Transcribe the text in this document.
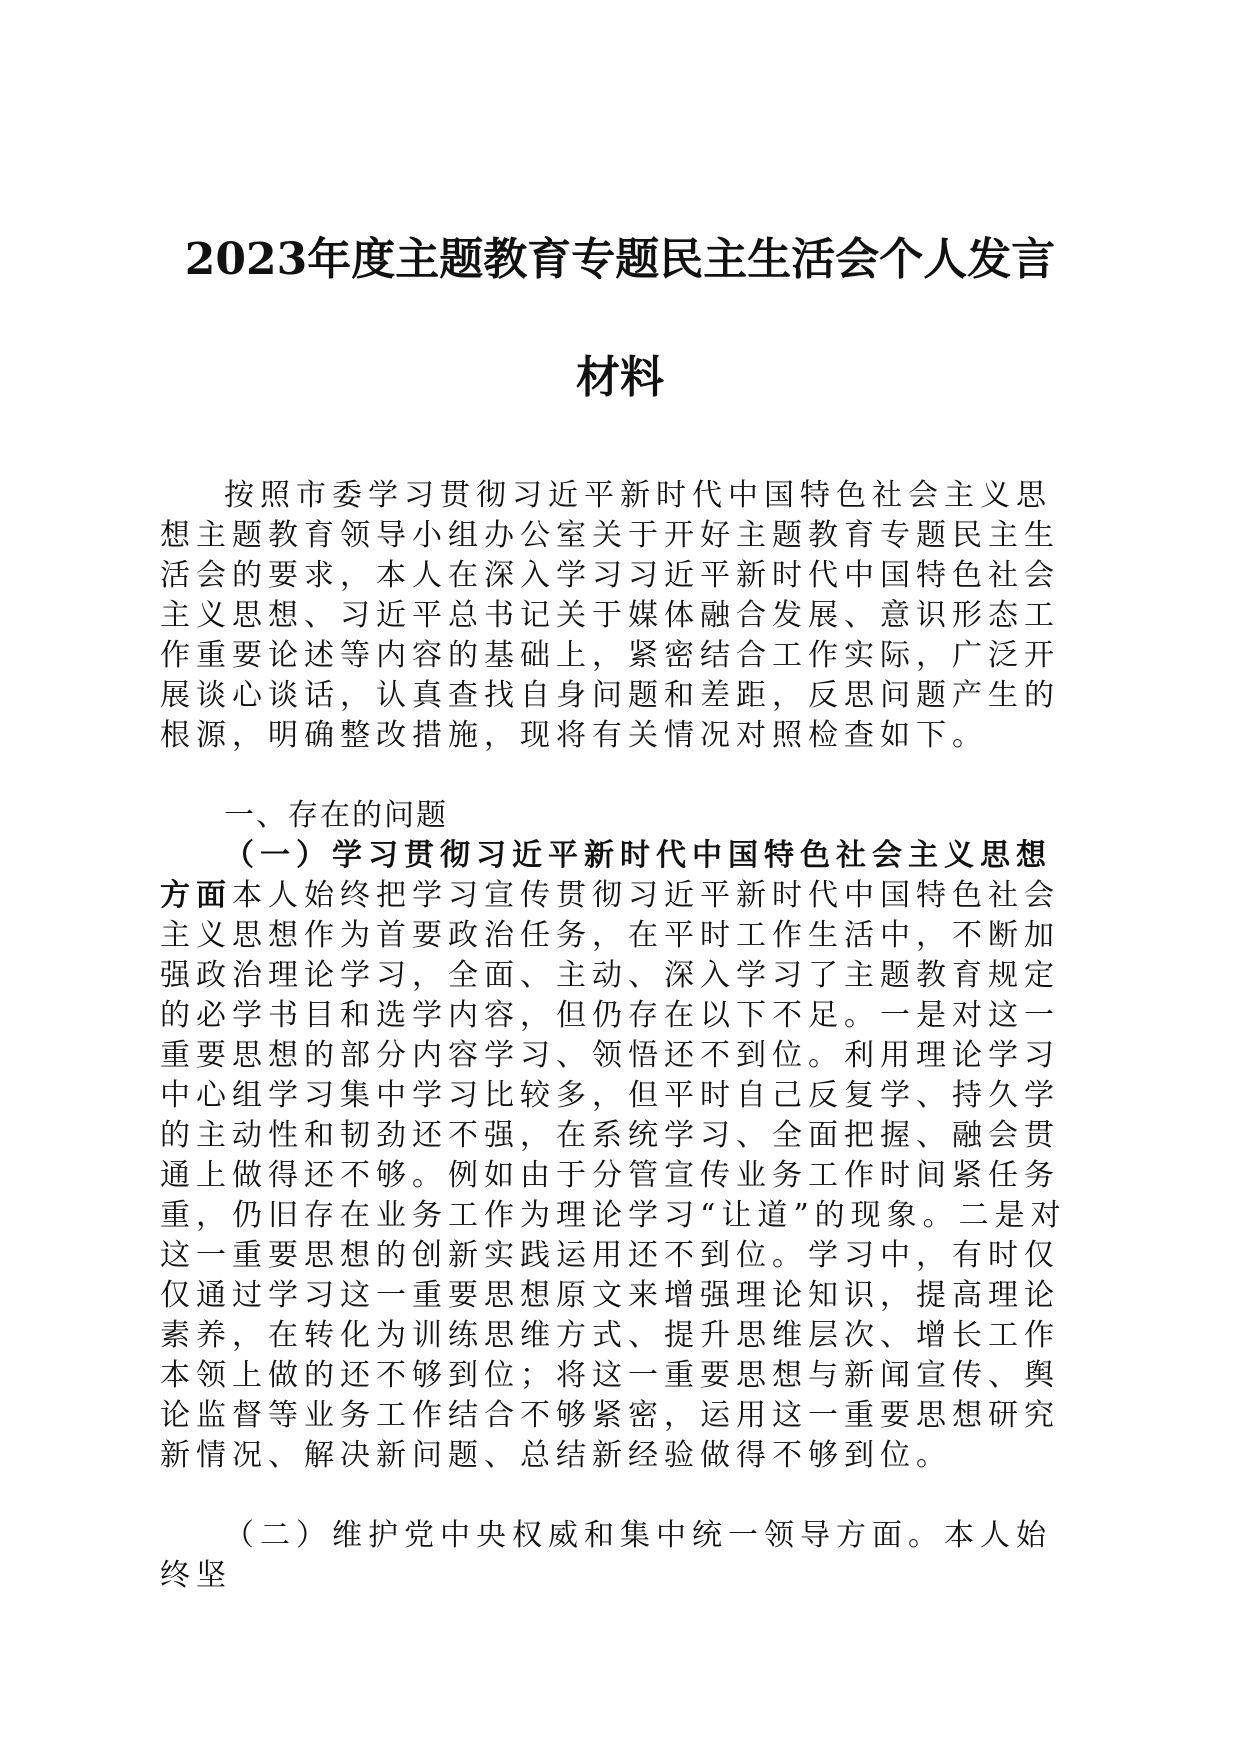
2023年度主题教育专题民主生活会个人发言
材料

按照市委学习贯彻习近平新时代中国特色社会主义思想主题教育领导小组办公室关于开好主题教育专题民主生活会的要求，本人在深入学习习近平新时代中国特色社会主义思想、习近平总书记关于媒体融合发展、意识形态工作重要论述等内容的基础上，紧密结合工作实际，广泛开展谈心谈话，认真查找自身问题和差距，反思问题产生的根源，明确整改措施，现将有关情况对照检查如下。

一、存在的问题

（一）学习贯彻习近平新时代中国特色社会主义思想方面本人始终把学习宣传贯彻习近平新时代中国特色社会主义思想作为首要政治任务，在平时工作生活中，不断加强政治理论学习，全面、主动、深入学习了主题教育规定的必学书目和选学内容，但仍存在以下不足。一是对这一重要思想的部分内容学习、领悟还不到位。利用理论学习中心组学习集中学习比较多，但平时自己反复学、持久学的主动性和韧劲还不强，在系统学习、全面把握、融会贯通上做得还不够。例如由于分管宣传业务工作时间紧任务重，仍旧存在业务工作为理论学习“让道”的现象。二是对这一重要思想的创新实践运用还不到位。学习中，有时仅仅通过学习这一重要思想原文来增强理论知识，提高理论素养，在转化为训练思维方式、提升思维层次、增长工作本领上做的还不够到位；将这一重要思想与新闻宣传、舆论监督等业务工作结合不够紧密，运用这一重要思想研究新情况、解决新问题、总结新经验做得不够到位。

（二）维护党中央权威和集中统一领导方面。本人始终坚
